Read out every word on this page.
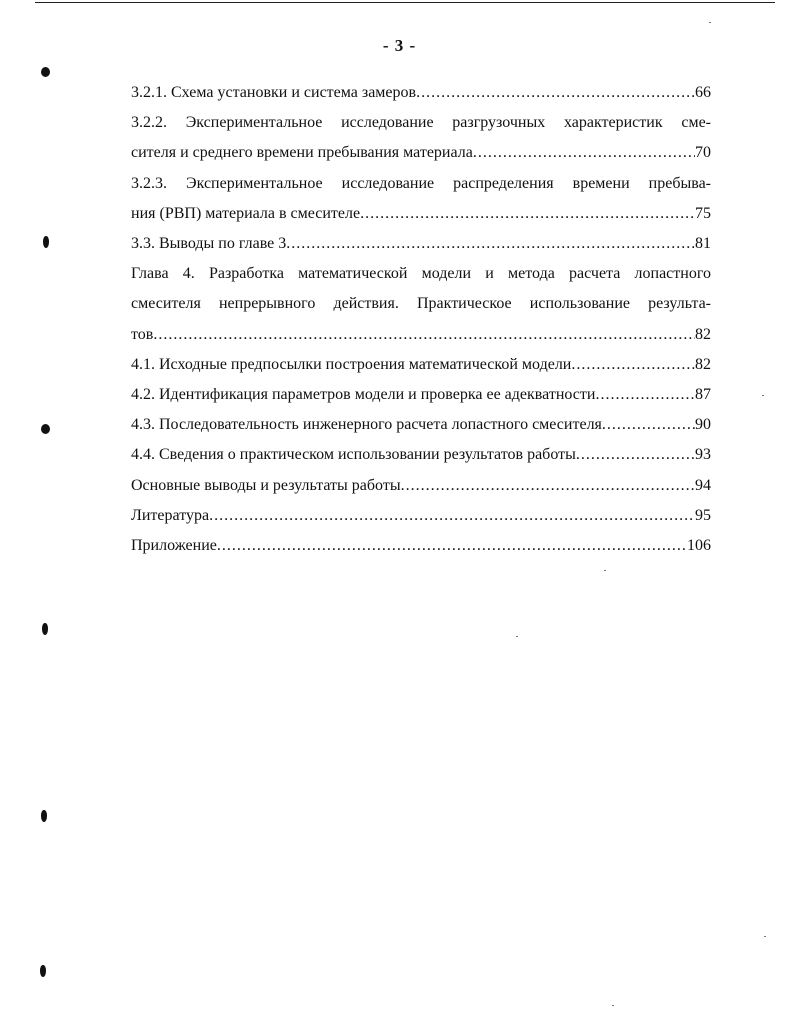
- 3 -
3.2.1. Схема установки и система замеров .....	66
3.2.2. Экспериментальное исследование разгрузочных характеристик сме-
сителя и среднего времени пребывания материала .....	70
3.2.3. Экспериментальное исследование распределения времени пребыва-
ния (РВП) материала в смесителе .....	75
3.3. Выводы по главе 3 .....	81
Глава 4. Разработка математической модели и метода расчета лопастного
смесителя непрерывного действия. Практическое использование результа-
тов .....	82
4.1. Исходные предпосылки построения математической модели .....	82
4.2. Идентификация параметров модели и проверка ее адекватности .....	87
4.3. Последовательность инженерного расчета лопастного смесителя .....	90
4.4. Сведения о практическом использовании результатов работы .....	93
Основные выводы и результаты работы .....	94
Литература .....	95
Приложение .....	106
